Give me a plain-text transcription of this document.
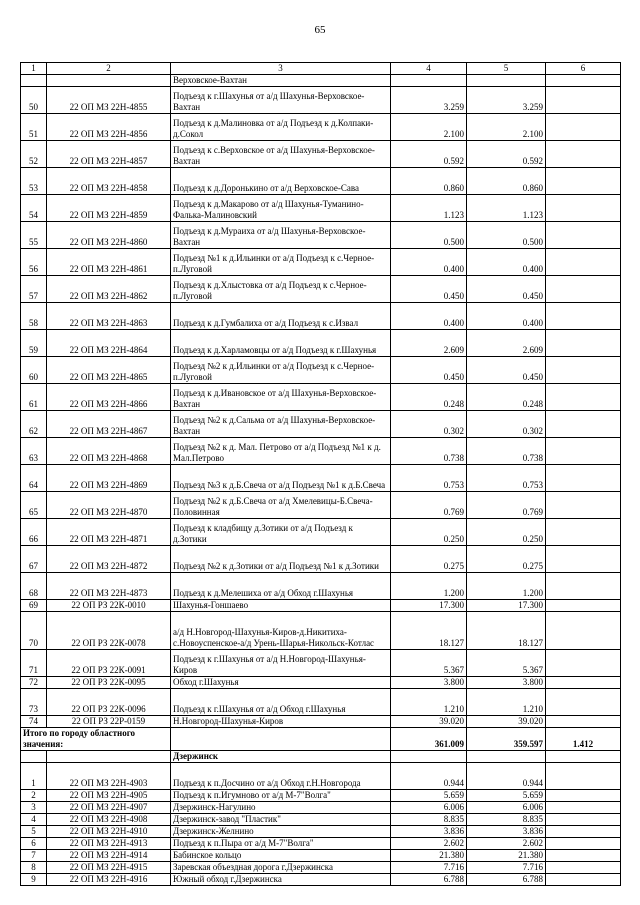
65
1	2	3	4	5	6
		Верховское-Вахтан			
50	22 ОП МЗ 22Н-4855	Подъезд к г.Шахунья от а/д Шахунья-Верховское-Вахтан	3.259	3.259	
51	22 ОП МЗ 22Н-4856	Подъезд к д.Малиновка от а/д Подъезд к д.Колпаки-д.Сокол	2.100	2.100	
52	22 ОП МЗ 22Н-4857	Подъезд к с.Верховское от а/д Шахунья-Верховское-Вахтан	0.592	0.592	
53	22 ОП МЗ 22Н-4858	Подъезд к д.Доронькино от а/д Верховское-Сава	0.860	0.860	
54	22 ОП МЗ 22Н-4859	Подъезд к д.Макарово от а/д Шахунья-Туманино-Фалька-Малиновский	1.123	1.123	
55	22 ОП МЗ 22Н-4860	Подъезд к д.Мураиха от а/д Шахунья-Верховское-Вахтан	0.500	0.500	
56	22 ОП МЗ 22Н-4861	Подъезд №1 к д.Ильинки от а/д Подъезд к с.Черное-п.Луговой	0.400	0.400	
57	22 ОП МЗ 22Н-4862	Подъезд к д.Хлыстовка от а/д Подъезд к с.Черное-п.Луговой	0.450	0.450	
58	22 ОП МЗ 22Н-4863	Подъезд к д.Гумбалиха от а/д Подъезд к с.Извал	0.400	0.400	
59	22 ОП МЗ 22Н-4864	Подъезд к д.Харламовцы от а/д Подъезд к г.Шахунья	2.609	2.609	
60	22 ОП МЗ 22Н-4865	Подъезд №2 к д.Ильинки от а/д Подъезд к с.Черное-п.Луговой	0.450	0.450	
61	22 ОП МЗ 22Н-4866	Подъезд к д.Ивановское от а/д Шахунья-Верховское-Вахтан	0.248	0.248	
62	22 ОП МЗ 22Н-4867	Подъезд №2 к д.Сальма от а/д Шахунья-Верховское-Вахтан	0.302	0.302	
63	22 ОП МЗ 22Н-4868	Подъезд №2 к д. Мал. Петрово от а/д Подъезд №1 к д. Мал.Петрово	0.738	0.738	
64	22 ОП МЗ 22Н-4869	Подъезд №3 к д.Б.Свеча от а/д Подъезд №1 к д.Б.Свеча	0.753	0.753	
65	22 ОП МЗ 22Н-4870	Подъезд №2 к д.Б.Свеча от а/д Хмелевицы-Б.Свеча-Половинная	0.769	0.769	
66	22 ОП МЗ 22Н-4871	Подъезд к кладбищу д.Зотики от а/д Подъезд к д.Зотики	0.250	0.250	
67	22 ОП МЗ 22Н-4872	Подъезд №2 к д.Зотики от а/д Подъезд №1 к д.Зотики	0.275	0.275	
68	22 ОП МЗ 22Н-4873	Подъезд к д.Мелешиха от а/д Обход г.Шахунья	1.200	1.200	
69	22 ОП РЗ 22К-0010	Шахунья-Гоншаево	17.300	17.300	
70	22 ОП РЗ 22К-0078	а/д Н.Новгород-Шахунья-Киров-д.Никитиха-с.Новоуспенское-а/д Урень-Шарья-Никольск-Котлас	18.127	18.127	
71	22 ОП РЗ 22К-0091	Подъезд к г.Шахунья от а/д Н.Новгород-Шахунья-Киров	5.367	5.367	
72	22 ОП РЗ 22К-0095	Обход г.Шахунья	3.800	3.800	
73	22 ОП РЗ 22К-0096	Подъезд к г.Шахунья от а/д Обход г.Шахунья	1.210	1.210	
74	22 ОП РЗ 22Р-0159	Н.Новгород-Шахунья-Киров	39.020	39.020	
Итого по городу областного значения:			361.009	359.597	1.412
		Дзержинск			
1	22 ОП МЗ 22Н-4903	Подъезд к п.Досчино от а/д Обход г.Н.Новгорода	0.944	0.944	
2	22 ОП МЗ 22Н-4905	Подъезд к п.Игумново от а/д М-7"Волга"	5.659	5.659	
3	22 ОП МЗ 22Н-4907	Дзержинск-Нагулино	6.006	6.006	
4	22 ОП МЗ 22Н-4908	Дзержинск-завод "Пластик"	8.835	8.835	
5	22 ОП МЗ 22Н-4910	Дзержинск-Желнино	3.836	3.836	
6	22 ОП МЗ 22Н-4913	Подъезд к п.Пыра от а/д М-7"Волга"	2.602	2.602	
7	22 ОП МЗ 22Н-4914	Бабинское кольцо	21.380	21.380	
8	22 ОП МЗ 22Н-4915	Заревская объездная дорога г.Дзержинска	7.716	7.716	
9	22 ОП МЗ 22Н-4916	Южный обход г.Дзержинска	6.788	6.788	
